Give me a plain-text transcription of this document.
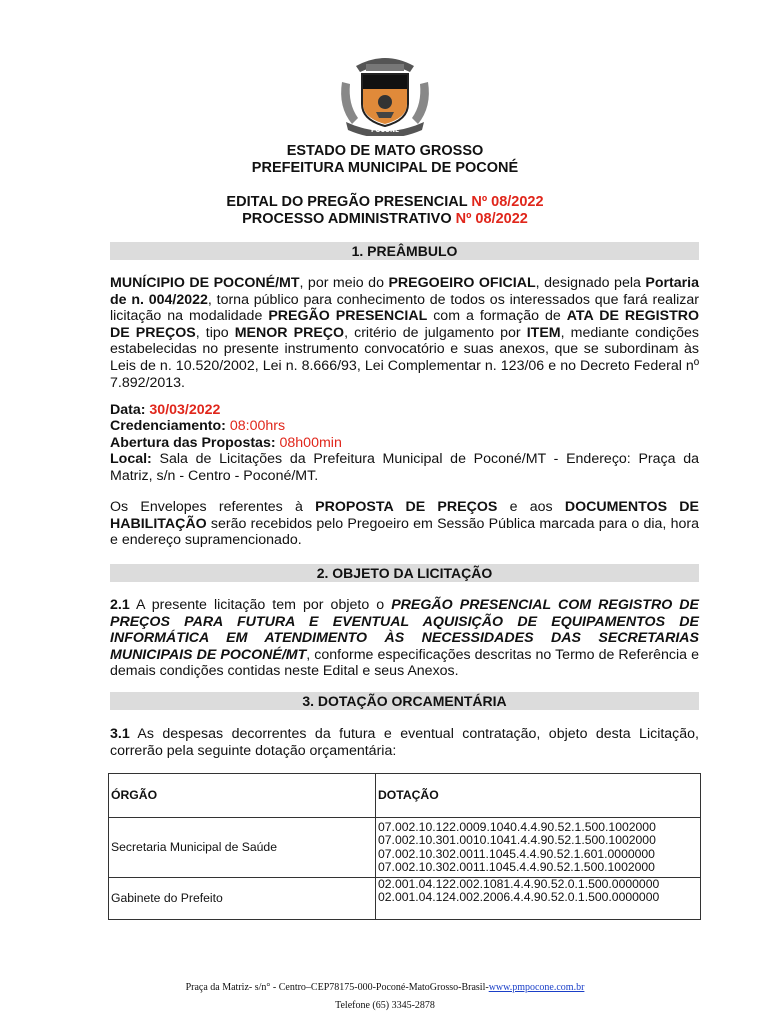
POCONÉ
ESTADO DE MATO GROSSO
PREFEITURA MUNICIPAL DE POCONÉ
EDITAL DO PREGÃO PRESENCIAL Nº 08/2022
PROCESSO ADMINISTRATIVO Nº 08/2022
1. PREÂMBULO
MUNÍCIPIO DE POCONÉ/MT, por meio do PREGOEIRO OFICIAL, designado pela Portaria de n. 004/2022, torna público para conhecimento de todos os interessados que fará realizar licitação na modalidade PREGÃO PRESENCIAL com a formação de ATA DE REGISTRO DE PREÇOS, tipo MENOR PREÇO, critério de julgamento por ITEM, mediante condições estabelecidas no presente instrumento convocatório e suas anexos, que se subordinam às Leis de n. 10.520/2002, Lei n. 8.666/93, Lei Complementar n. 123/06 e no Decreto Federal nº 7.892/2013.
Data: 30/03/2022
Credenciamento: 08:00hrs
Abertura das Propostas: 08h00min
Local: Sala de Licitações da Prefeitura Municipal de Poconé/MT - Endereço: Praça da Matriz, s/n - Centro - Poconé/MT.
Os Envelopes referentes à PROPOSTA DE PREÇOS e aos DOCUMENTOS DE HABILITAÇÃO serão recebidos pelo Pregoeiro em Sessão Pública marcada para o dia, hora e endereço supramencionado.
2. OBJETO DA LICITAÇÃO
2.1 A presente licitação tem por objeto o PREGÃO PRESENCIAL COM REGISTRO DE PREÇOS PARA FUTURA E EVENTUAL AQUISIÇÃO DE EQUIPAMENTOS DE INFORMÁTICA EM ATENDIMENTO ÀS NECESSIDADES DAS SECRETARIAS MUNICIPAIS DE POCONÉ/MT, conforme especificações descritas no Termo de Referência e demais condições contidas neste Edital e seus Anexos.
3. DOTAÇÃO ORCAMENTÁRIA
3.1 As despesas decorrentes da futura e eventual contratação, objeto desta Licitação, correrão pela seguinte dotação orçamentária:
ÓRGÃO	DOTAÇÃO
Secretaria Municipal de Saúde	07.002.10.122.0009.1040.4.4.90.52.1.500.1002000
07.002.10.301.0010.1041.4.4.90.52.1.500.1002000
07.002.10.302.0011.1045.4.4.90.52.1.601.0000000
07.002.10.302.0011.1045.4.4.90.52.1.500.1002000

Gabinete do Prefeito	02.001.04.122.002.1081.4.4.90.52.0.1.500.0000000
02.001.04.124.002.2006.4.4.90.52.0.1.500.0000000
Praça da Matriz- s/n° - Centro–CEP78175-000-Poconé-MatoGrosso-Brasil-www.pmpocone.com.br
Telefone (65) 3345-2878
